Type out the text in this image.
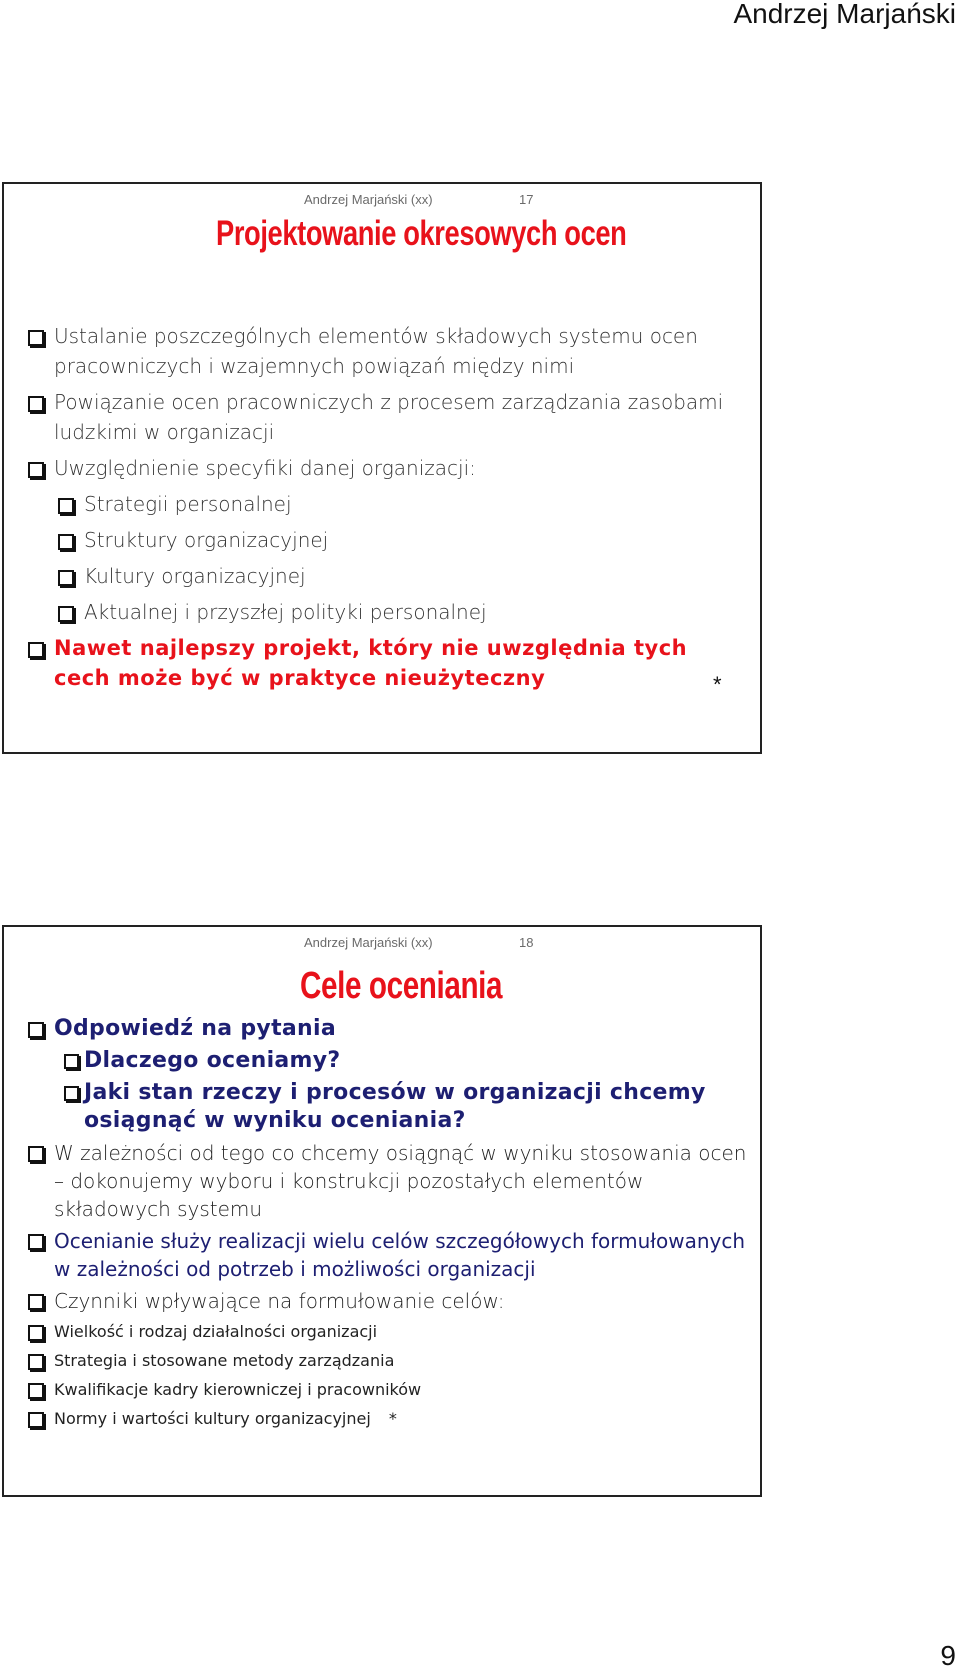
Andrzej Marjański
Andrzej Marjański (xx)	17
Projektowanie okresowych ocen
Ustalanie poszczególnych elementów składowych systemu ocen pracowniczych i wzajemnych powiązań między nimi
Powiązanie ocen pracowniczych z procesem zarządzania zasobami ludzkimi w organizacji
Uwzględnienie specyfiki danej organizacji:
Strategii personalnej
Struktury organizacyjnej
Kultury organizacyjnej
Aktualnej i przyszłej polityki personalnej
Nawet najlepszy projekt, który nie uwzględnia tych cech może być w praktyce nieużyteczny	*
Andrzej Marjański (xx)	18
Cele oceniania
Odpowiedź na pytania
Dlaczego oceniamy?
Jaki stan rzeczy i procesów w organizacji chcemy osiągnąć w wyniku oceniania?
W zależności od tego co chcemy osiągnąć w wyniku stosowania ocen – dokonujemy wyboru i konstrukcji pozostałych elementów składowych systemu
Ocenianie służy realizacji wielu celów szczegółowych formułowanych w zależności od potrzeb i możliwości organizacji
Czynniki wpływające na formułowanie celów:
Wielkość i rodzaj działalności organizacji
Strategia i stosowane metody zarządzania
Kwalifikacje kadry kierowniczej i pracowników
Normy i wartości kultury organizacyjnej *
9
